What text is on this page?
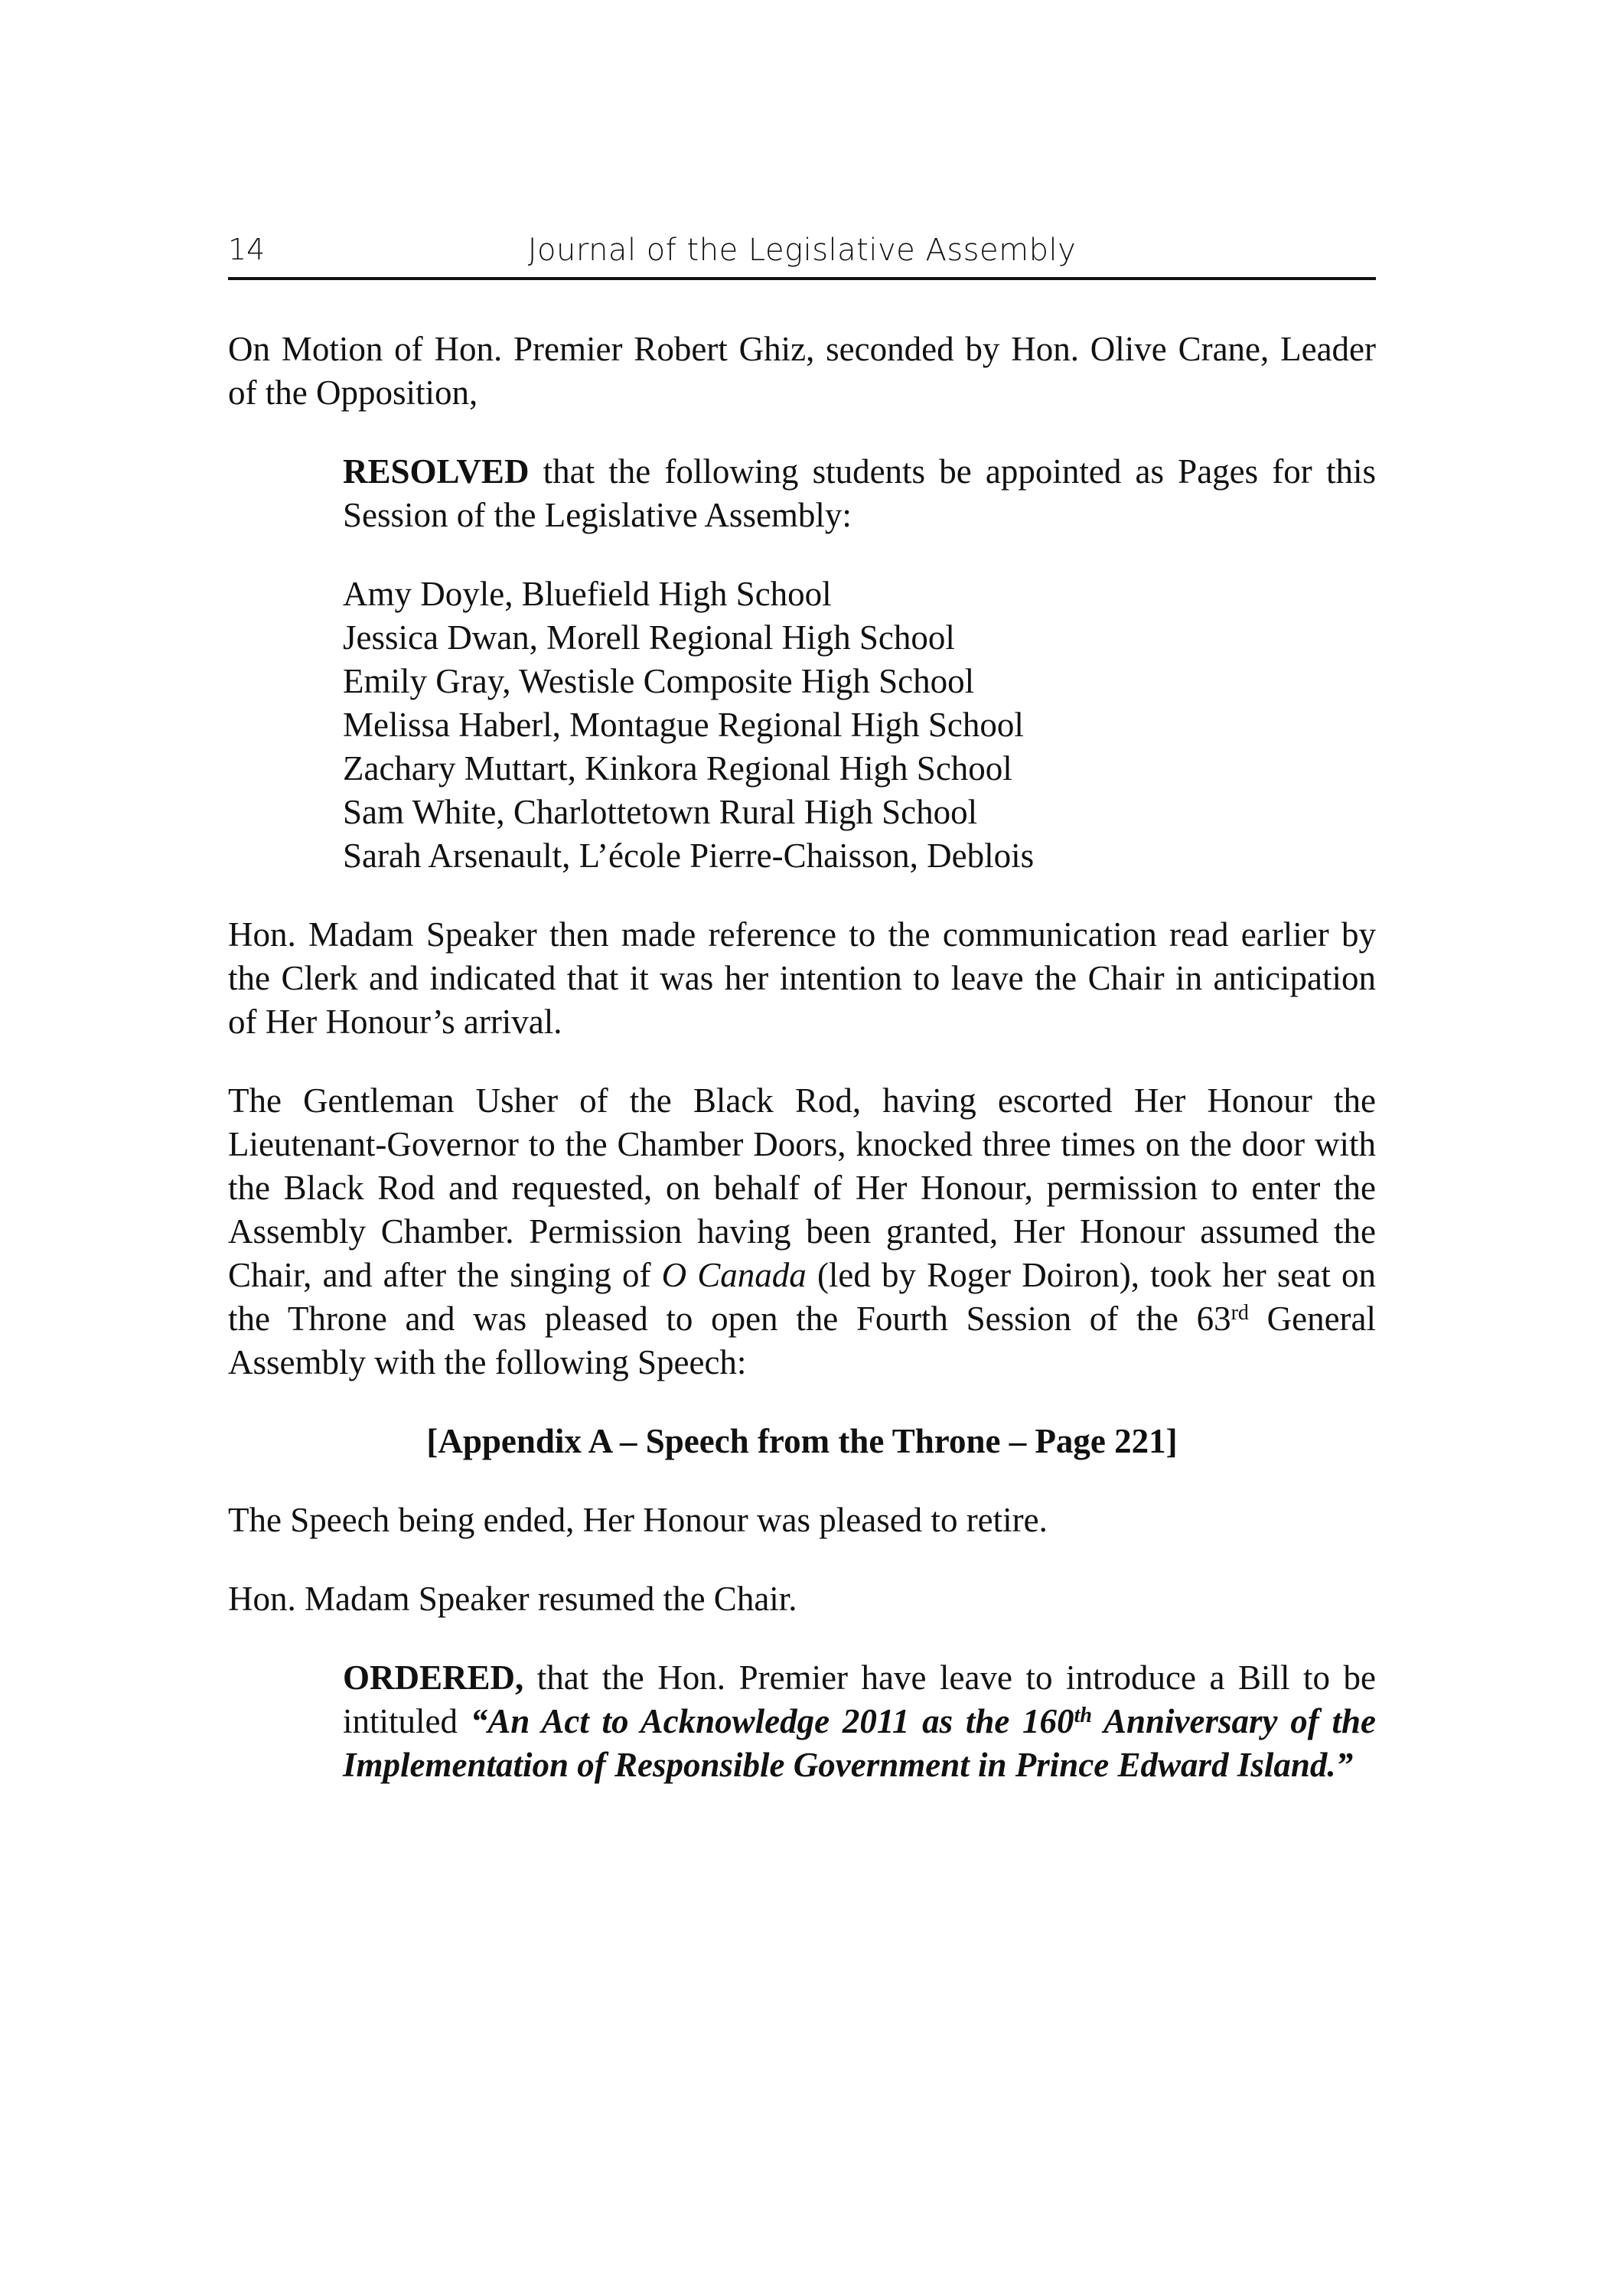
14	Journal of the Legislative Assembly

On Motion of Hon. Premier Robert Ghiz, seconded by Hon. Olive Crane, Leader of the Opposition,

RESOLVED that the following students be appointed as Pages for this Session of the Legislative Assembly:

Amy Doyle, Bluefield High School
Jessica Dwan, Morell Regional High School
Emily Gray, Westisle Composite High School
Melissa Haberl, Montague Regional High School
Zachary Muttart, Kinkora Regional High School
Sam White, Charlottetown Rural High School
Sarah Arsenault, L’école Pierre-Chaisson, Deblois

Hon. Madam Speaker then made reference to the communication read earlier by the Clerk and indicated that it was her intention to leave the Chair in anticipation of Her Honour’s arrival.

The Gentleman Usher of the Black Rod, having escorted Her Honour the Lieutenant-Governor to the Chamber Doors, knocked three times on the door with the Black Rod and requested, on behalf of Her Honour, permission to enter the Assembly Chamber. Permission having been granted, Her Honour assumed the Chair, and after the singing of O Canada (led by Roger Doiron), took her seat on the Throne and was pleased to open the Fourth Session of the 63rd General Assembly with the following Speech:

[Appendix A – Speech from the Throne – Page 221]

The Speech being ended, Her Honour was pleased to retire.

Hon. Madam Speaker resumed the Chair.

ORDERED, that the Hon. Premier have leave to introduce a Bill to be intituled “An Act to Acknowledge 2011 as the 160th Anniversary of the Implementation of Responsible Government in Prince Edward Island.”
